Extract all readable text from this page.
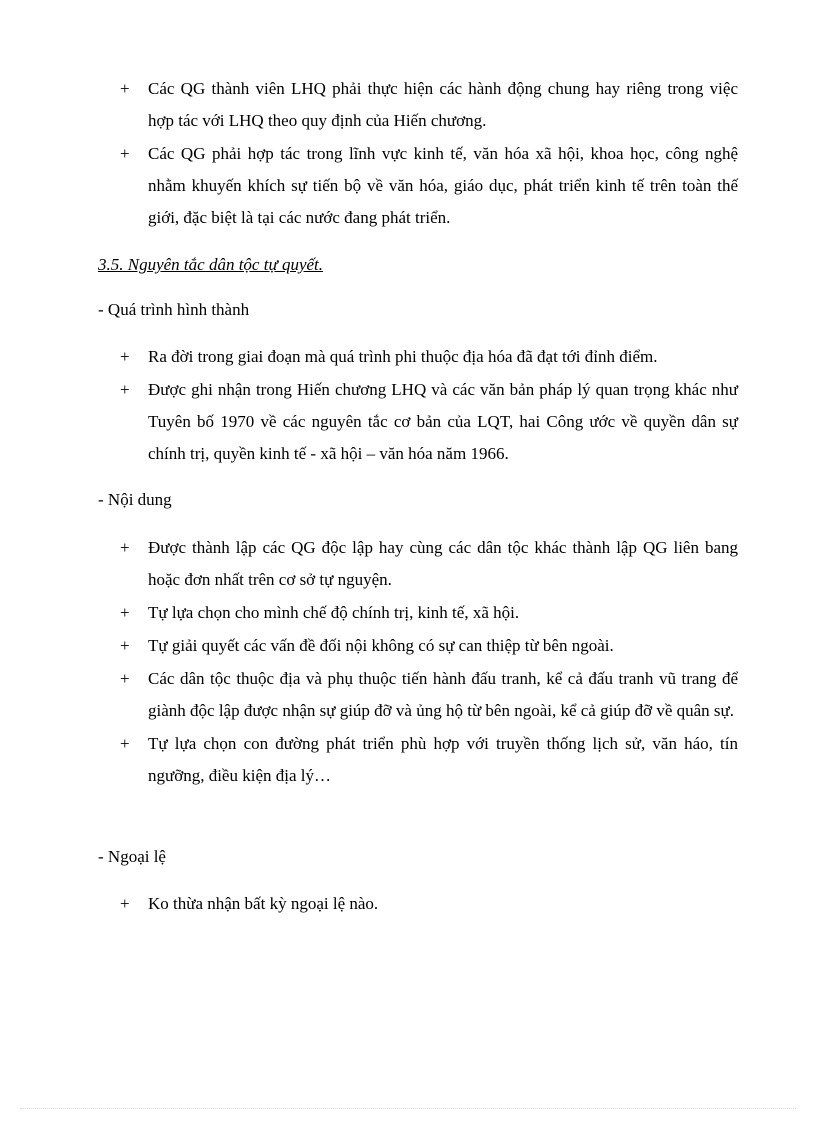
+	Các QG thành viên LHQ phải thực hiện các hành động chung hay riêng trong việc hợp tác với LHQ theo quy định của Hiến chương.
+	Các QG phải hợp tác trong lĩnh vực kinh tế, văn hóa xã hội, khoa học, công nghệ nhằm khuyến khích sự tiến bộ về văn hóa, giáo dục, phát triển kinh tế trên toàn thế giới, đặc biệt là tại các nước đang phát triển.
3.5. Nguyên tắc dân tộc tự quyết.
- Quá trình hình thành
+	Ra đời trong giai đoạn mà quá trình phi thuộc địa hóa đã đạt tới đỉnh điểm.
+	Được ghi nhận trong Hiến chương LHQ và các văn bản pháp lý quan trọng khác như Tuyên bố 1970 về các nguyên tắc cơ bản của LQT, hai Công ước về quyền dân sự chính trị, quyền kinh tế - xã hội – văn hóa năm 1966.
- Nội dung
+	Được thành lập các QG độc lập hay cùng các dân tộc khác thành lập QG liên bang hoặc đơn nhất trên cơ sở tự nguyện.
+	Tự lựa chọn cho mình chế độ chính trị, kinh tế, xã hội.
+	Tự giải quyết các vấn đề đối nội không có sự can thiệp từ bên ngoài.
+	Các dân tộc thuộc địa và phụ thuộc tiến hành đấu tranh, kể cả đấu tranh vũ trang để giành độc lập được nhận sự giúp đỡ và ủng hộ từ bên ngoài, kể cả giúp đỡ về quân sự.
+	Tự lựa chọn con đường phát triển phù hợp với truyền thống lịch sử, văn háo, tín ngưỡng, điều kiện địa lý…
- Ngoại lệ
+	Ko thừa nhận bất kỳ ngoại lệ nào.
